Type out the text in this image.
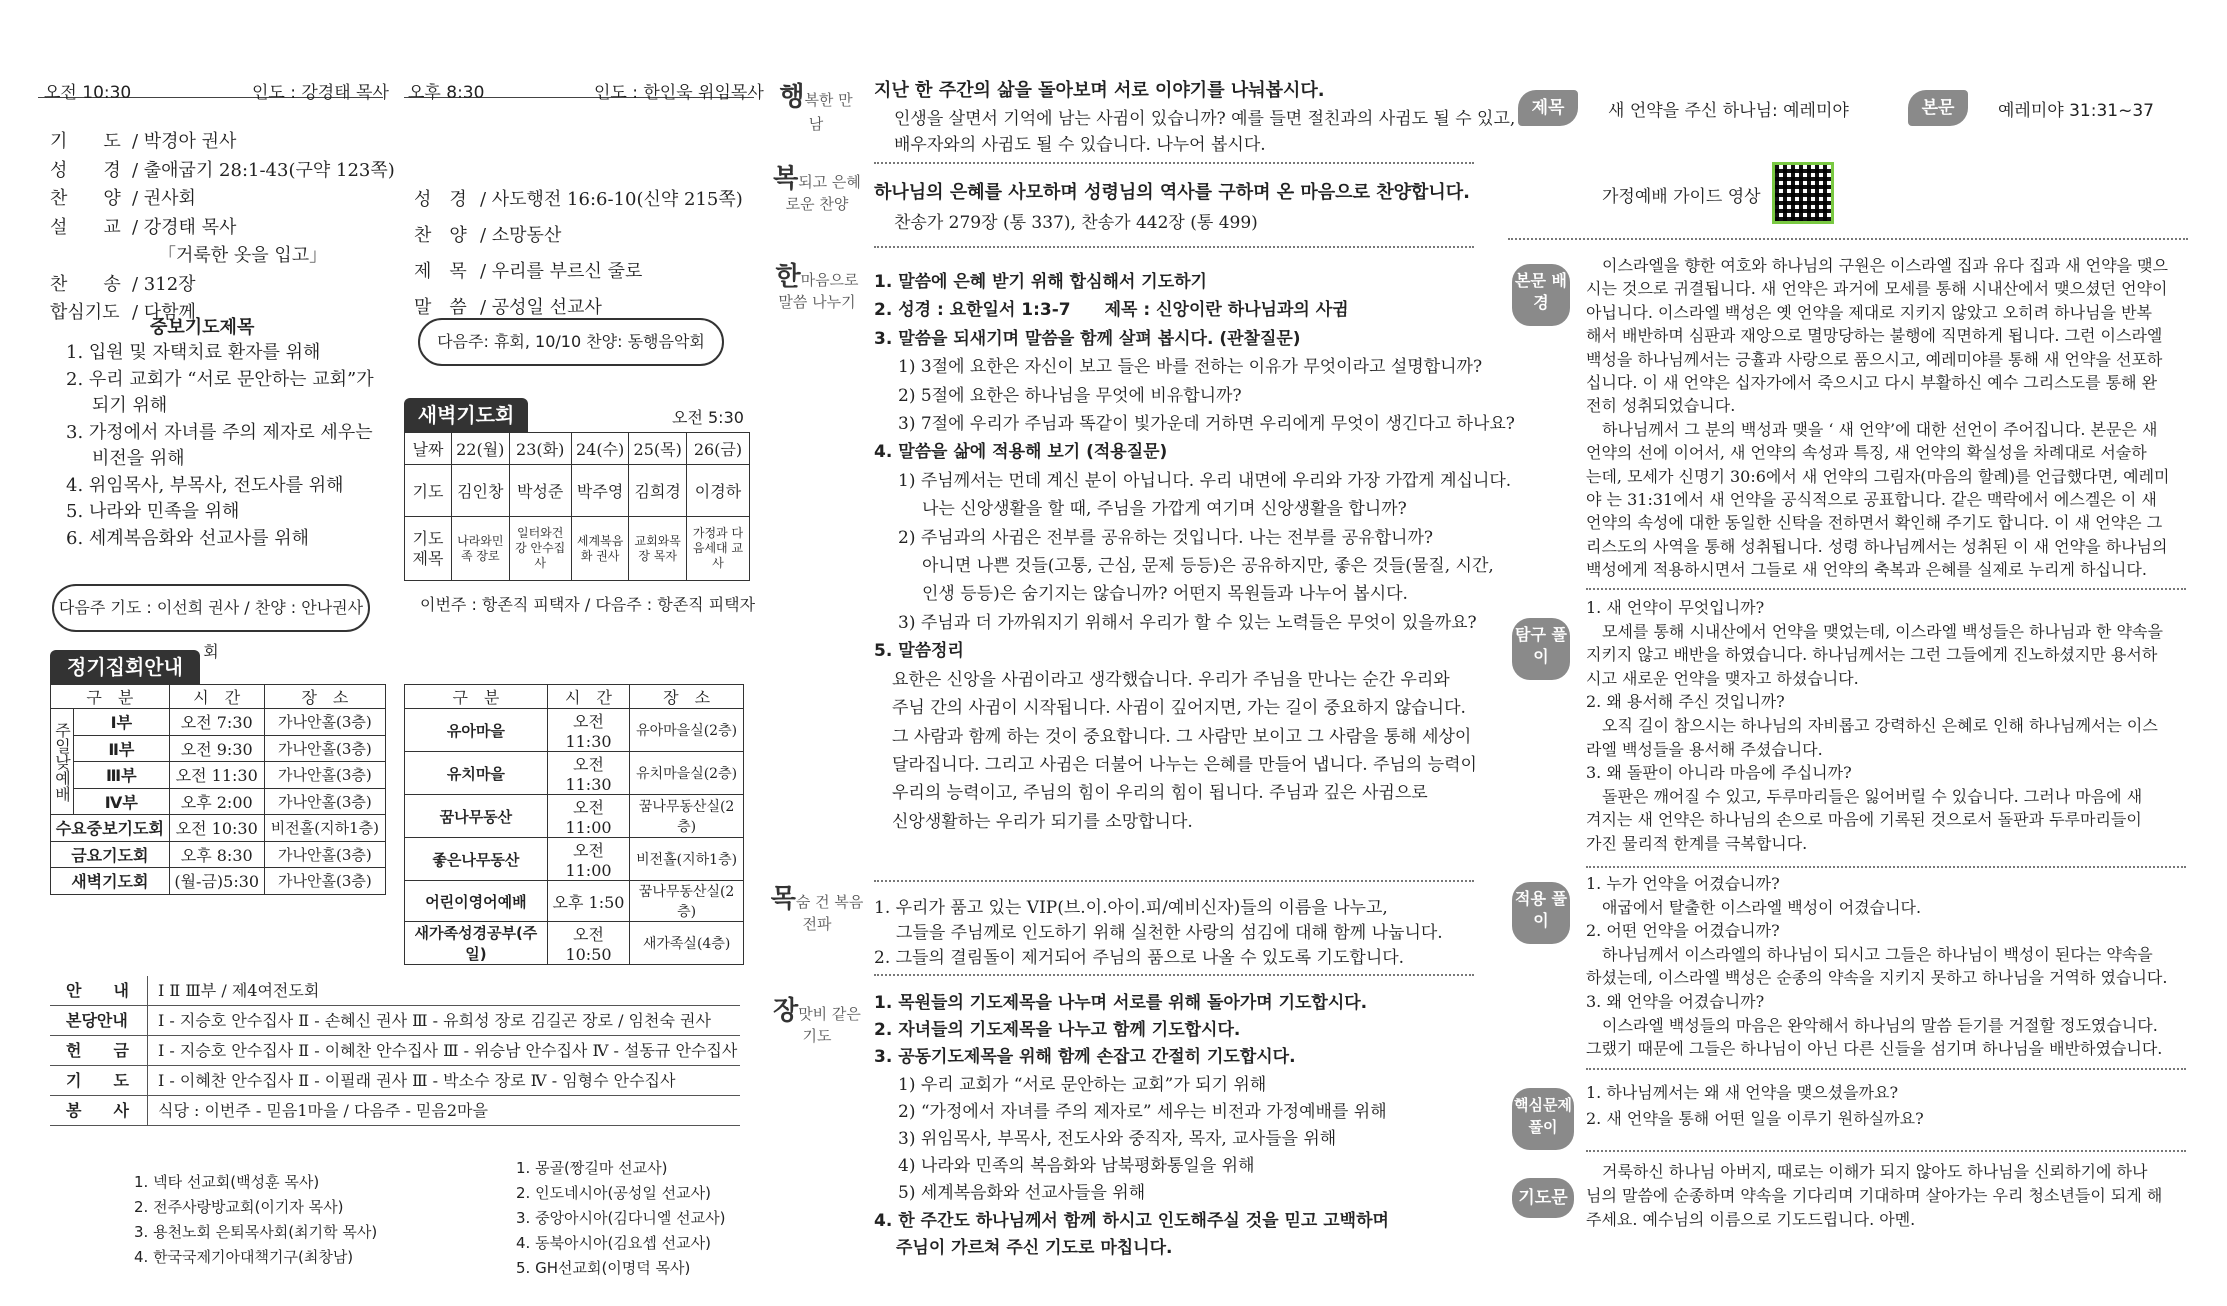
오전 10:30	인도 : 강경태 목사
기　　도 / 박경아 권사
성　　경 / 출애굽기 28:1-43(구약 123쪽)
찬　　양 / 권사회
설　　교 / 강경태 목사
「거룩한 옷을 입고」
찬　　송 / 312장
합심기도 / 다함께
중보기도제목
1. 입원 및 자택치료 환자를 위해
2. 우리 교회가 “서로 문안하는 교회”가
되기 위해
3. 가정에서 자녀를 주의 제자로 세우는
비전을 위해
4. 위임목사, 부목사, 전도사를 위해
5. 나라와 민족을 위해
6. 세계복음화와 선교사를 위해
다음주 기도 : 이선희 권사 / 찬양 : 안나권사회
오후 8:30	인도 : 한인욱 위임목사
성　경 / 사도행전 16:6-10(신약 215쪽)
찬　양 / 소망동산
제　목 / 우리를 부르신 줄로
말　씀 / 공성일 선교사
다음주: 휴회, 10/10 찬양: 동행음악회
새벽기도회	오전 5:30
날짜	22(월)	23(화)	24(수)	25(목)	26(금)
기도	김인창	박성준	박주영	김희경	이경하
기도 제목	나라와민족 장로	일터와건강 안수집사	세계복음화 권사	교회와목장 목자	가정과 다음세대 교사
이번주 : 항존직 피택자 / 다음주 : 항존직 피택자
정기집회안내
구　분		시　간	장　소
주일낮예배	Ⅰ부	오전 7:30	가나안홀(3층)
	Ⅱ부	오전 9:30	가나안홀(3층)
	Ⅲ부	오전 11:30	가나안홀(3층)
	Ⅳ부	오후 2:00	가나안홀(3층)
수요중보기도회		오전 10:30	비전홀(지하1층)
금요기도회		오후 8:30	가나안홀(3층)
새벽기도회		(월-금)5:30	가나안홀(3층)
구　분	시　간	장　소
유아마을	오전 11:30	유아마을실(2층)
유치마을	오전 11:30	유치마을실(2층)
꿈나무동산	오전 11:00	꿈나무동산실(2층)
좋은나무동산	오전 11:00	비전홀(지하1층)
어린이영어예배	오후 1:50	꿈나무동산실(2층)
새가족성경공부(주일)	오전 10:50	새가족실(4층)
안　　내	Ⅰ Ⅱ Ⅲ부 / 제4여전도회
본당안내	Ⅰ - 지승호 안수집사 Ⅱ - 손혜신 권사 Ⅲ - 유희성 장로 김길곤 장로 / 임천숙 권사
헌　　금	Ⅰ - 지승호 안수집사 Ⅱ - 이혜찬 안수집사 Ⅲ - 위승남 안수집사 Ⅳ - 설동규 안수집사
기　　도	Ⅰ - 이혜찬 안수집사 Ⅱ - 이필래 권사 Ⅲ - 박소수 장로 Ⅳ - 임형수 안수집사
봉　　사	식당 : 이번주 - 믿음1마을 / 다음주 - 믿음2마을
1. 넥타 선교회(백성훈 목사)
2. 전주사랑방교회(이기자 목사)
3. 용천노회 은퇴목사회(최기학 목사)
4. 한국국제기아대책기구(최창남)
1. 몽골(짱길마 선교사)
2. 인도네시아(공성일 선교사)
3. 중앙아시아(김다니엘 선교사)
4. 동북아시아(김요셉 선교사)
5. GH선교회(이명덕 목사)
행복한 만남
지난 한 주간의 삶을 돌아보며 서로 이야기를 나눠봅시다.
인생을 살면서 기억에 남는 사귐이 있습니까? 예를 들면 절친과의 사귐도 될 수 있고,
배우자와의 사귐도 될 수 있습니다. 나누어 봅시다.
복되고 은혜로운 찬양
하나님의 은혜를 사모하며 성령님의 역사를 구하며 온 마음으로 찬양합니다.
찬송가 279장 (통 337), 찬송가 442장 (통 499)
한마음으로 말씀 나누기
1. 말씀에 은혜 받기 위해 합심해서 기도하기
2. 성경 : 요한일서 1:3-7　　제목 : 신앙이란 하나님과의 사귐
3. 말씀을 되새기며 말씀을 함께 살펴 봅시다. (관찰질문)
1) 3절에 요한은 자신이 보고 들은 바를 전하는 이유가 무엇이라고 설명합니까?
2) 5절에 요한은 하나님을 무엇에 비유합니까?
3) 7절에 우리가 주님과 똑같이 빛가운데 거하면 우리에게 무엇이 생긴다고 하나요?
4. 말씀을 삶에 적용해 보기 (적용질문)
1) 주님께서는 먼데 계신 분이 아닙니다. 우리 내면에 우리와 가장 가깝게 계십니다.
나는 신앙생활을 할 때, 주님을 가깝게 여기며 신앙생활을 합니까?
2) 주님과의 사귐은 전부를 공유하는 것입니다. 나는 전부를 공유합니까?
아니면 나쁜 것들(고통, 근심, 문제 등등)은 공유하지만, 좋은 것들(물질, 시간,
인생 등등)은 숨기지는 않습니까? 어떤지 목원들과 나누어 봅시다.
3) 주님과 더 가까워지기 위해서 우리가 할 수 있는 노력들은 무엇이 있을까요?
5. 말씀정리
요한은 신앙을 사귐이라고 생각했습니다. 우리가 주님을 만나는 순간 우리와
주님 간의 사귐이 시작됩니다. 사귐이 깊어지면, 가는 길이 중요하지 않습니다.
그 사람과 함께 하는 것이 중요합니다. 그 사람만 보이고 그 사람을 통해 세상이
달라집니다. 그리고 사귐은 더불어 나누는 은혜를 만들어 냅니다. 주님의 능력이
우리의 능력이고, 주님의 힘이 우리의 힘이 됩니다. 주님과 깊은 사귐으로
신앙생활하는 우리가 되기를 소망합니다.
목숨 건 복음전파
1. 우리가 품고 있는 VIP(브.이.아이.피/예비신자)들의 이름을 나누고,
그들을 주님께로 인도하기 위해 실천한 사랑의 섬김에 대해 함께 나눕니다.
2. 그들의 결림돌이 제거되어 주님의 품으로 나올 수 있도록 기도합니다.
장맛비 같은기도
1. 목원들의 기도제목을 나누며 서로를 위해 돌아가며 기도합시다.
2. 자녀들의 기도제목을 나누고 함께 기도합시다.
3. 공동기도제목을 위해 함께 손잡고 간절히 기도합시다.
1) 우리 교회가 “서로 문안하는 교회”가 되기 위해
2) “가정에서 자녀를 주의 제자로” 세우는 비전과 가정예배를 위해
3) 위임목사, 부목사, 전도사와 중직자, 목자, 교사들을 위해
4) 나라와 민족의 복음화와 남북평화통일을 위해
5) 세계복음화와 선교사들을 위해
4. 한 주간도 하나님께서 함께 하시고 인도해주실 것을 믿고 고백하며
주님이 가르쳐 주신 기도로 마칩니다.
제목	새 언약을 주신 하나님: 예레미야	본문	예레미야 31:31~37
가정예배 가이드 영상
본문 배경
　이스라엘을 향한 여호와 하나님의 구원은 이스라엘 집과 유다 집과 새 언약을 맺으
시는 것으로 귀결됩니다. 새 언약은 과거에 모세를 통해 시내산에서 맺으셨던 언약이
아닙니다. 이스라엘 백성은 옛 언약을 제대로 지키지 않았고 오히려 하나님을 반복
해서 배반하며 심판과 재앙으로 멸망당하는 불행에 직면하게 됩니다. 그런 이스라엘
백성을 하나님께서는 긍휼과 사랑으로 품으시고, 예레미야를 통해 새 언약을 선포하
십니다. 이 새 언약은 십자가에서 죽으시고 다시 부활하신 예수 그리스도를 통해 완
전히 성취되었습니다.
　하나님께서 그 분의 백성과 맺을 ‘ 새 언약’에 대한 선언이 주어집니다. 본문은 새
언약의 선에 이어서, 새 언약의 속성과 특징, 새 언약의 확실성을 차례대로 서술하
는데, 모세가 신명기 30:6에서 새 언약의 그림자(마음의 할례)를 언급했다면, 예레미
야 는 31:31에서 새 언약을 공식적으로 공표합니다. 같은 맥락에서 에스겔은 이 새
언약의 속성에 대한 동일한 신탁을 전하면서 확인해 주기도 합니다. 이 새 언약은 그
리스도의 사역을 통해 성취됩니다. 성령 하나님께서는 성취된 이 새 언약을 하나님의
백성에게 적용하시면서 그들로 새 언약의 축복과 은혜를 실제로 누리게 하십니다.
탐구 풀이
1. 새 언약이 무엇입니까?
　모세를 통해 시내산에서 언약을 맺었는데, 이스라엘 백성들은 하나님과 한 약속을
지키지 않고 배반을 하였습니다. 하나님께서는 그런 그들에게 진노하셨지만 용서하
시고 새로운 언약을 맺자고 하셨습니다.
2. 왜 용서해 주신 것입니까?
　오직 길이 참으시는 하나님의 자비롭고 강력하신 은혜로 인해 하나님께서는 이스
라엘 백성들을 용서해 주셨습니다.
3. 왜 돌판이 아니라 마음에 주십니까?
　돌판은 깨어질 수 있고, 두루마리들은 잃어버릴 수 있습니다. 그러나 마음에 새
겨지는 새 언약은 하나님의 손으로 마음에 기록된 것으로서 돌판과 두루마리들이
가진 물리적 한계를 극복합니다.
적용 풀이
1. 누가 언약을 어겼습니까?
　애굽에서 탈출한 이스라엘 백성이 어겼습니다.
2. 어떤 언약을 어겼습니까?
　하나님께서 이스라엘의 하나님이 되시고 그들은 하나님이 백성이 된다는 약속을
하셨는데, 이스라엘 백성은 순종의 약속을 지키지 못하고 하나님을 거역하 였습니다.
3. 왜 언약을 어겼습니까?
　이스라엘 백성들의 마음은 완악해서 하나님의 말씀 듣기를 거절할 정도였습니다.
그랬기 때문에 그들은 하나님이 아닌 다른 신들을 섬기며 하나님을 배반하였습니다.
핵심문제 풀이
1. 하나님께서는 왜 새 언약을 맺으셨을까요?
2. 새 언약을 통해 어떤 일을 이루기 원하실까요?
기도문
　거룩하신 하나님 아버지, 때로는 이해가 되지 않아도 하나님을 신뢰하기에 하나
님의 말씀에 순종하며 약속을 기다리며 기대하며 살아가는 우리 청소년들이 되게 해
주세요. 예수님의 이름으로 기도드립니다. 아멘.
